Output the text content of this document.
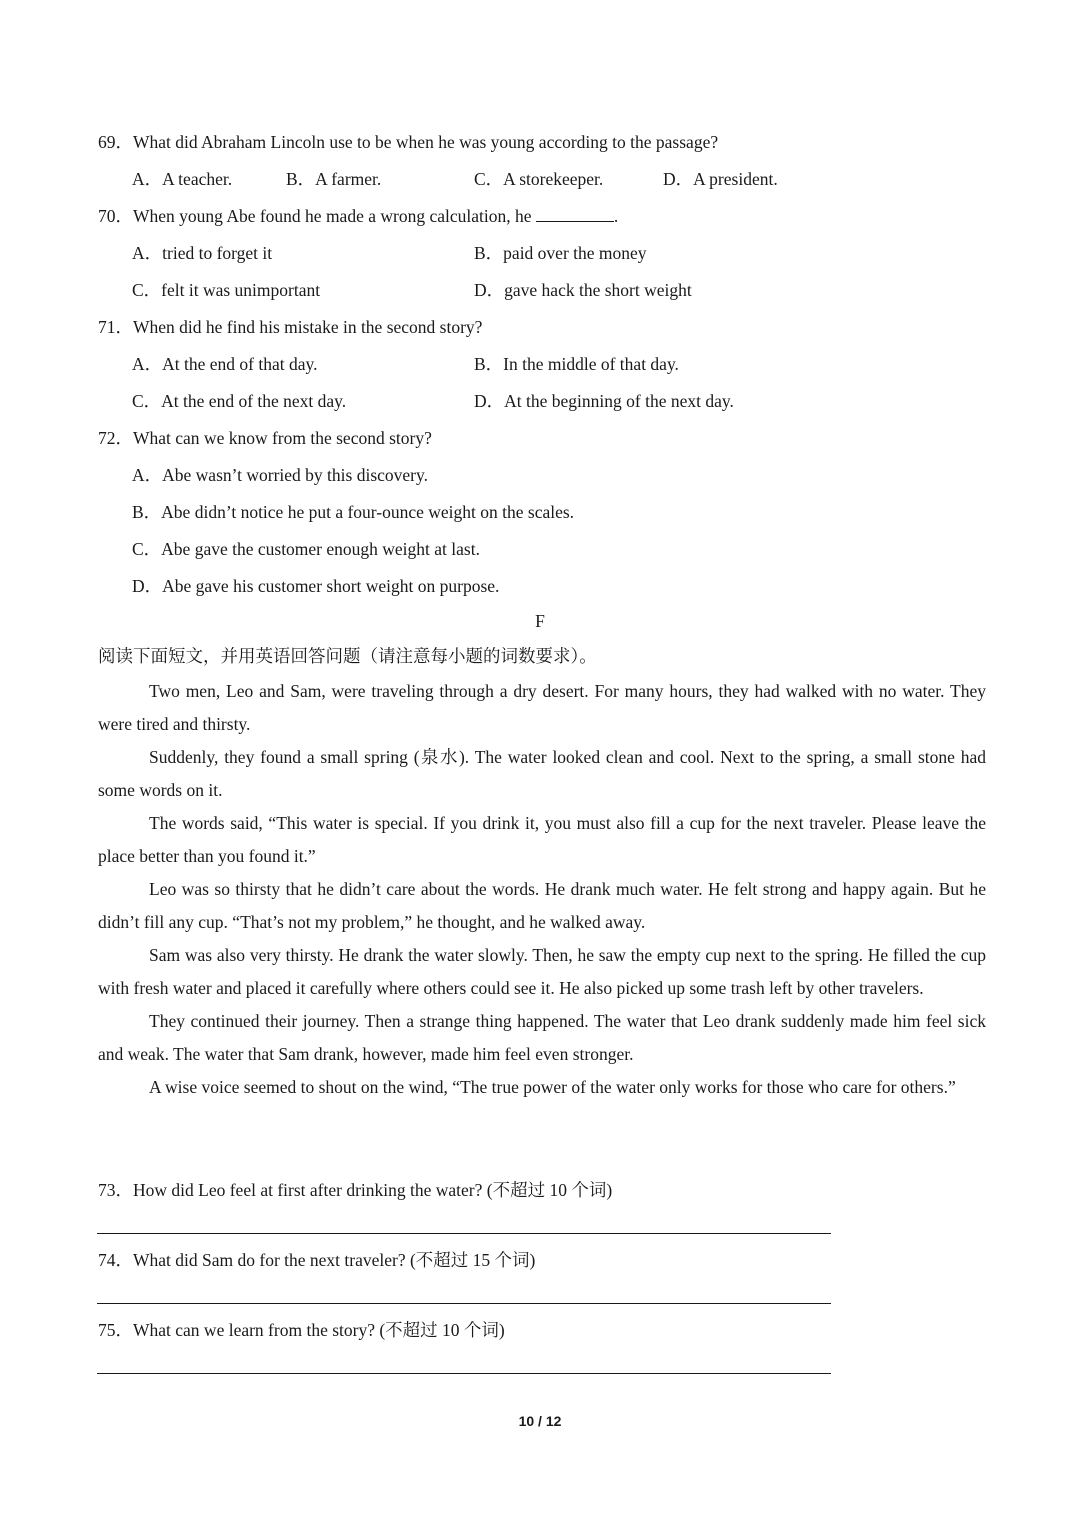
69．What did Abraham Lincoln use to be when he was young according to the passage?
A．A teacher.	B．A farmer.	C．A storekeeper.	D．A president.
70．When young Abe found he made a wrong calculation, he	.
A．tried to forget it	B．paid over the money
C．felt it was unimportant	D．gave hack the short weight
71．When did he find his mistake in the second story?
A．At the end of that day.	B．In the middle of that day.
C．At the end of the next day.	D．At the beginning of the next day.
72．What can we know from the second story?
A．Abe wasn’t worried by this discovery.
B．Abe didn’t notice he put a four-ounce weight on the scales.
C．Abe gave the customer enough weight at last.
D．Abe gave his customer short weight on purpose.
F
阅读下面短文，并用英语回答问题（请注意每小题的词数要求）。

Two men, Leo and Sam, were traveling through a dry desert. For many hours, they had walked with no water. They were tired and thirsty.

Suddenly, they found a small spring (泉水). The water looked clean and cool. Next to the spring, a small stone had some words on it.

The words said, “This water is special. If you drink it, you must also fill a cup for the next traveler. Please leave the place better than you found it.”

Leo was so thirsty that he didn’t care about the words. He drank much water. He felt strong and happy again. But he didn’t fill any cup. “That’s not my problem,” he thought, and he walked away.

Sam was also very thirsty. He drank the water slowly. Then, he saw the empty cup next to the spring. He filled the cup with fresh water and placed it carefully where others could see it. He also picked up some trash left by other travelers.

They continued their journey. Then a strange thing happened. The water that Leo drank suddenly made him feel sick and weak. The water that Sam drank, however, made him feel even stronger.

A wise voice seemed to shout on the wind, “The true power of the water only works for those who care for others.”

73．How did Leo feel at first after drinking the water? (不超过 10 个词)
74．What did Sam do for the next traveler? (不超过 15 个词)
75．What can we learn from the story? (不超过 10 个词)
10 / 12
